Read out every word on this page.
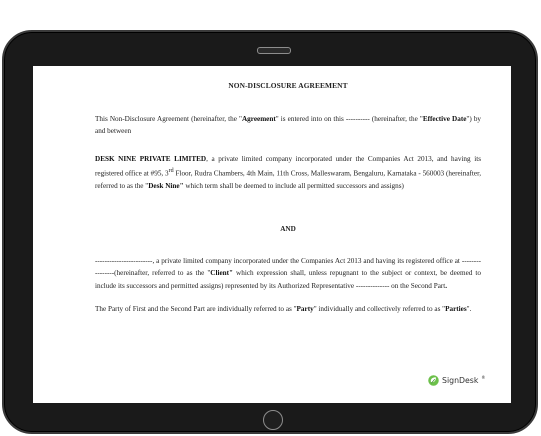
NON-DISCLOSURE AGREEMENT

This Non-Disclosure Agreement (hereinafter, the "Agreement" is entered into on this ---------- (hereinafter, the "Effective Date") by and between

DESK NINE PRIVATE LIMITED, a private limited company incorporated under the Companies Act 2013, and having its registered office at #95, 3rd Floor, Rudra Chambers, 4th Main, 11th Cross, Malleswaram, Bengaluru, Karnataka - 560003 (hereinafter, referred to as the "Desk Nine" which term shall be deemed to include all permitted successors and assigns)

AND

------------------------, a private limited company incorporated under the Companies Act 2013 and having its registered office at ----------------(hereinafter, referred to as the "Client" which expression shall, unless repugnant to the subject or context, be deemed to include its successors and permitted assigns) represented by its Authorized Representative -------------- on the Second Part.

The Party of First and the Second Part are individually referred to as "Party" individually and collectively referred to as "Parties".

SignDesk ®
